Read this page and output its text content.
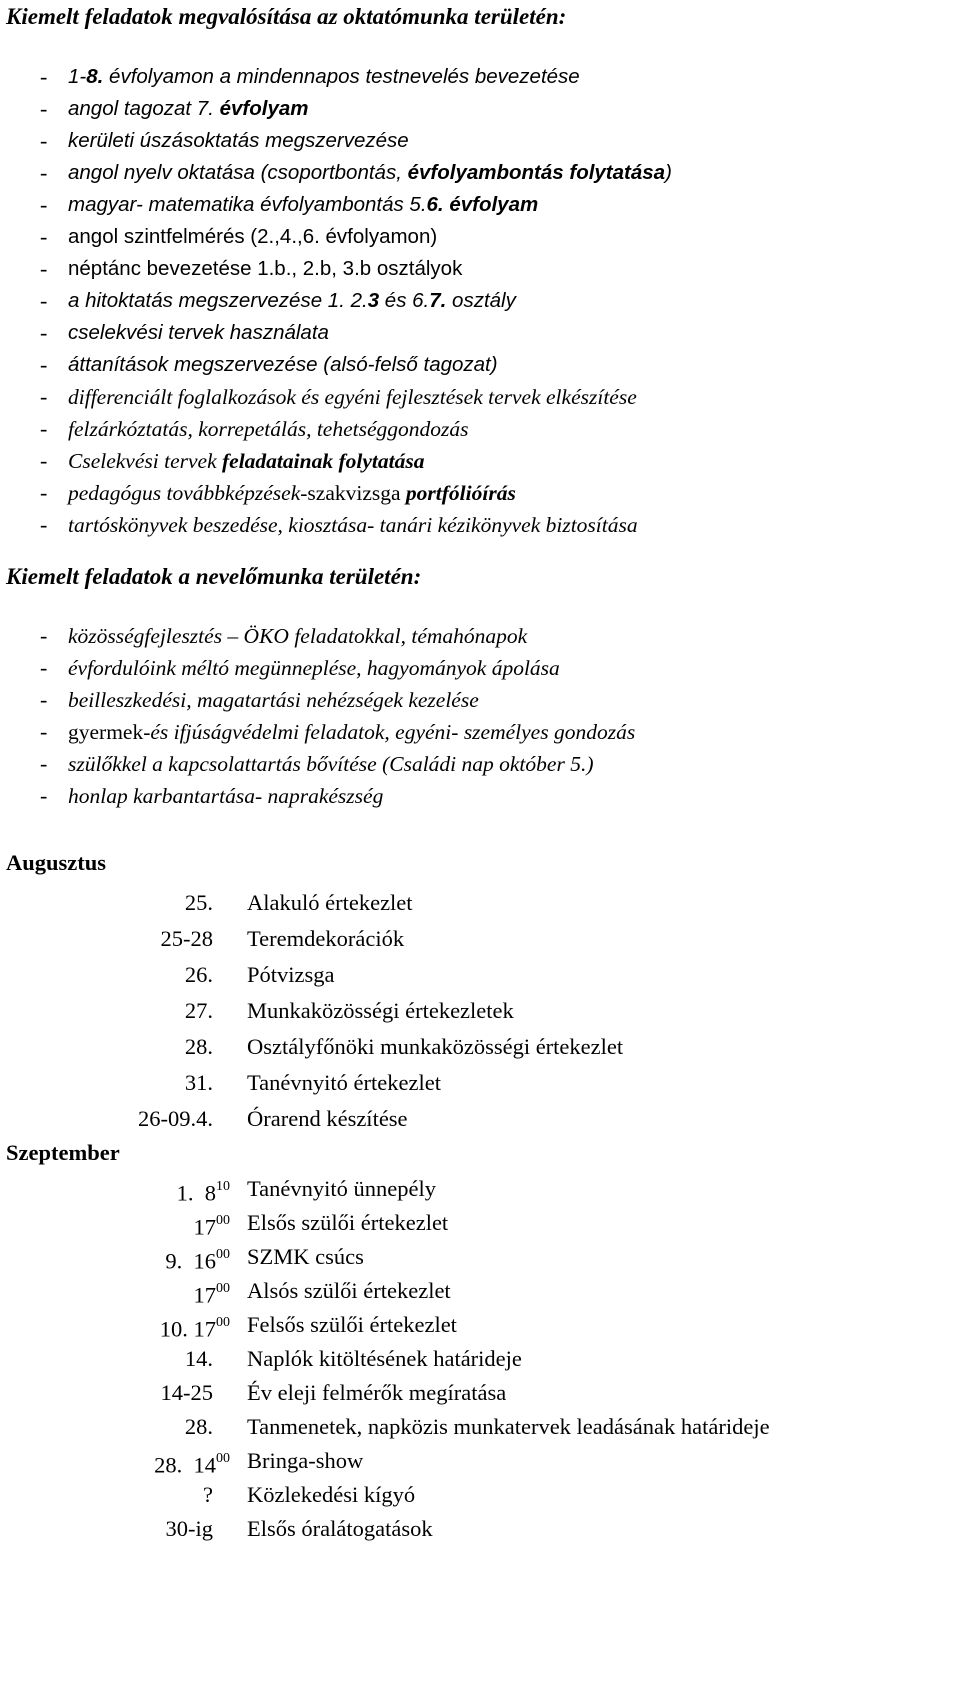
Kiemelt feladatok megvalósítása az oktatómunka területén:
- 1-8. évfolyamon a mindennapos testnevelés bevezetése
- angol tagozat 7. évfolyam
- kerületi úszásoktatás megszervezése
- angol nyelv oktatása (csoportbontás, évfolyambontás folytatása)
- magyar- matematika évfolyambontás 5.6. évfolyam
- angol szintfelmérés (2.,4.,6. évfolyamon)
- néptánc bevezetése 1.b., 2.b, 3.b osztályok
- a hitoktatás megszervezése 1. 2.3 és 6.7. osztály
- cselekvési tervek használata
- áttanítások megszervezése (alsó-felső tagozat)
- differenciált foglalkozások és egyéni fejlesztések tervek elkészítése
- felzárkóztatás, korrepetálás, tehetséggondozás
- Cselekvési tervek feladatainak folytatása
- pedagógus továbbképzések-szakvizsga portfólióírás
- tartóskönyvek beszedése, kiosztása- tanári kézikönyvek biztosítása
Kiemelt feladatok a nevelőmunka területén:
- közösségfejlesztés – ÖKO feladatokkal, témahónapok
- évfordulóink méltó megünneplése, hagyományok ápolása
- beilleszkedési, magatartási nehézségek kezelése
- gyermek-és ifjúságvédelmi feladatok, egyéni- személyes gondozás
- szülőkkel a kapcsolattartás bővítése (Családi nap október 5.)
- honlap karbantartása- naprakészség
Augusztus
25.	Alakuló értekezlet
25-28	Teremdekorációk
26.	Pótvizsga
27.	Munkaközösségi értekezletek
28.	Osztályfőnöki munkaközösségi értekezlet
31.	Tanévnyitó értekezlet
26-09.4.	Órarend készítése
Szeptember
1.  $8^{10}$ Tanévnyitó ünnepély
$17^{00}$ Elsős szülői értekezlet
9.  $16^{00}$ SZMK csúcs
$17^{00}$ Alsós szülői értekezlet
10. $17^{00}$ Felsős szülői értekezlet
14.	Naplók kitöltésének határideje
14-25	Év eleji felmérők megíratása
28.	Tanmenetek, napközis munkatervek leadásának határideje
28.  $14^{00}$ Bringa-show
?	Közlekedési kígyó
30-ig	Elsős óralátogatások
